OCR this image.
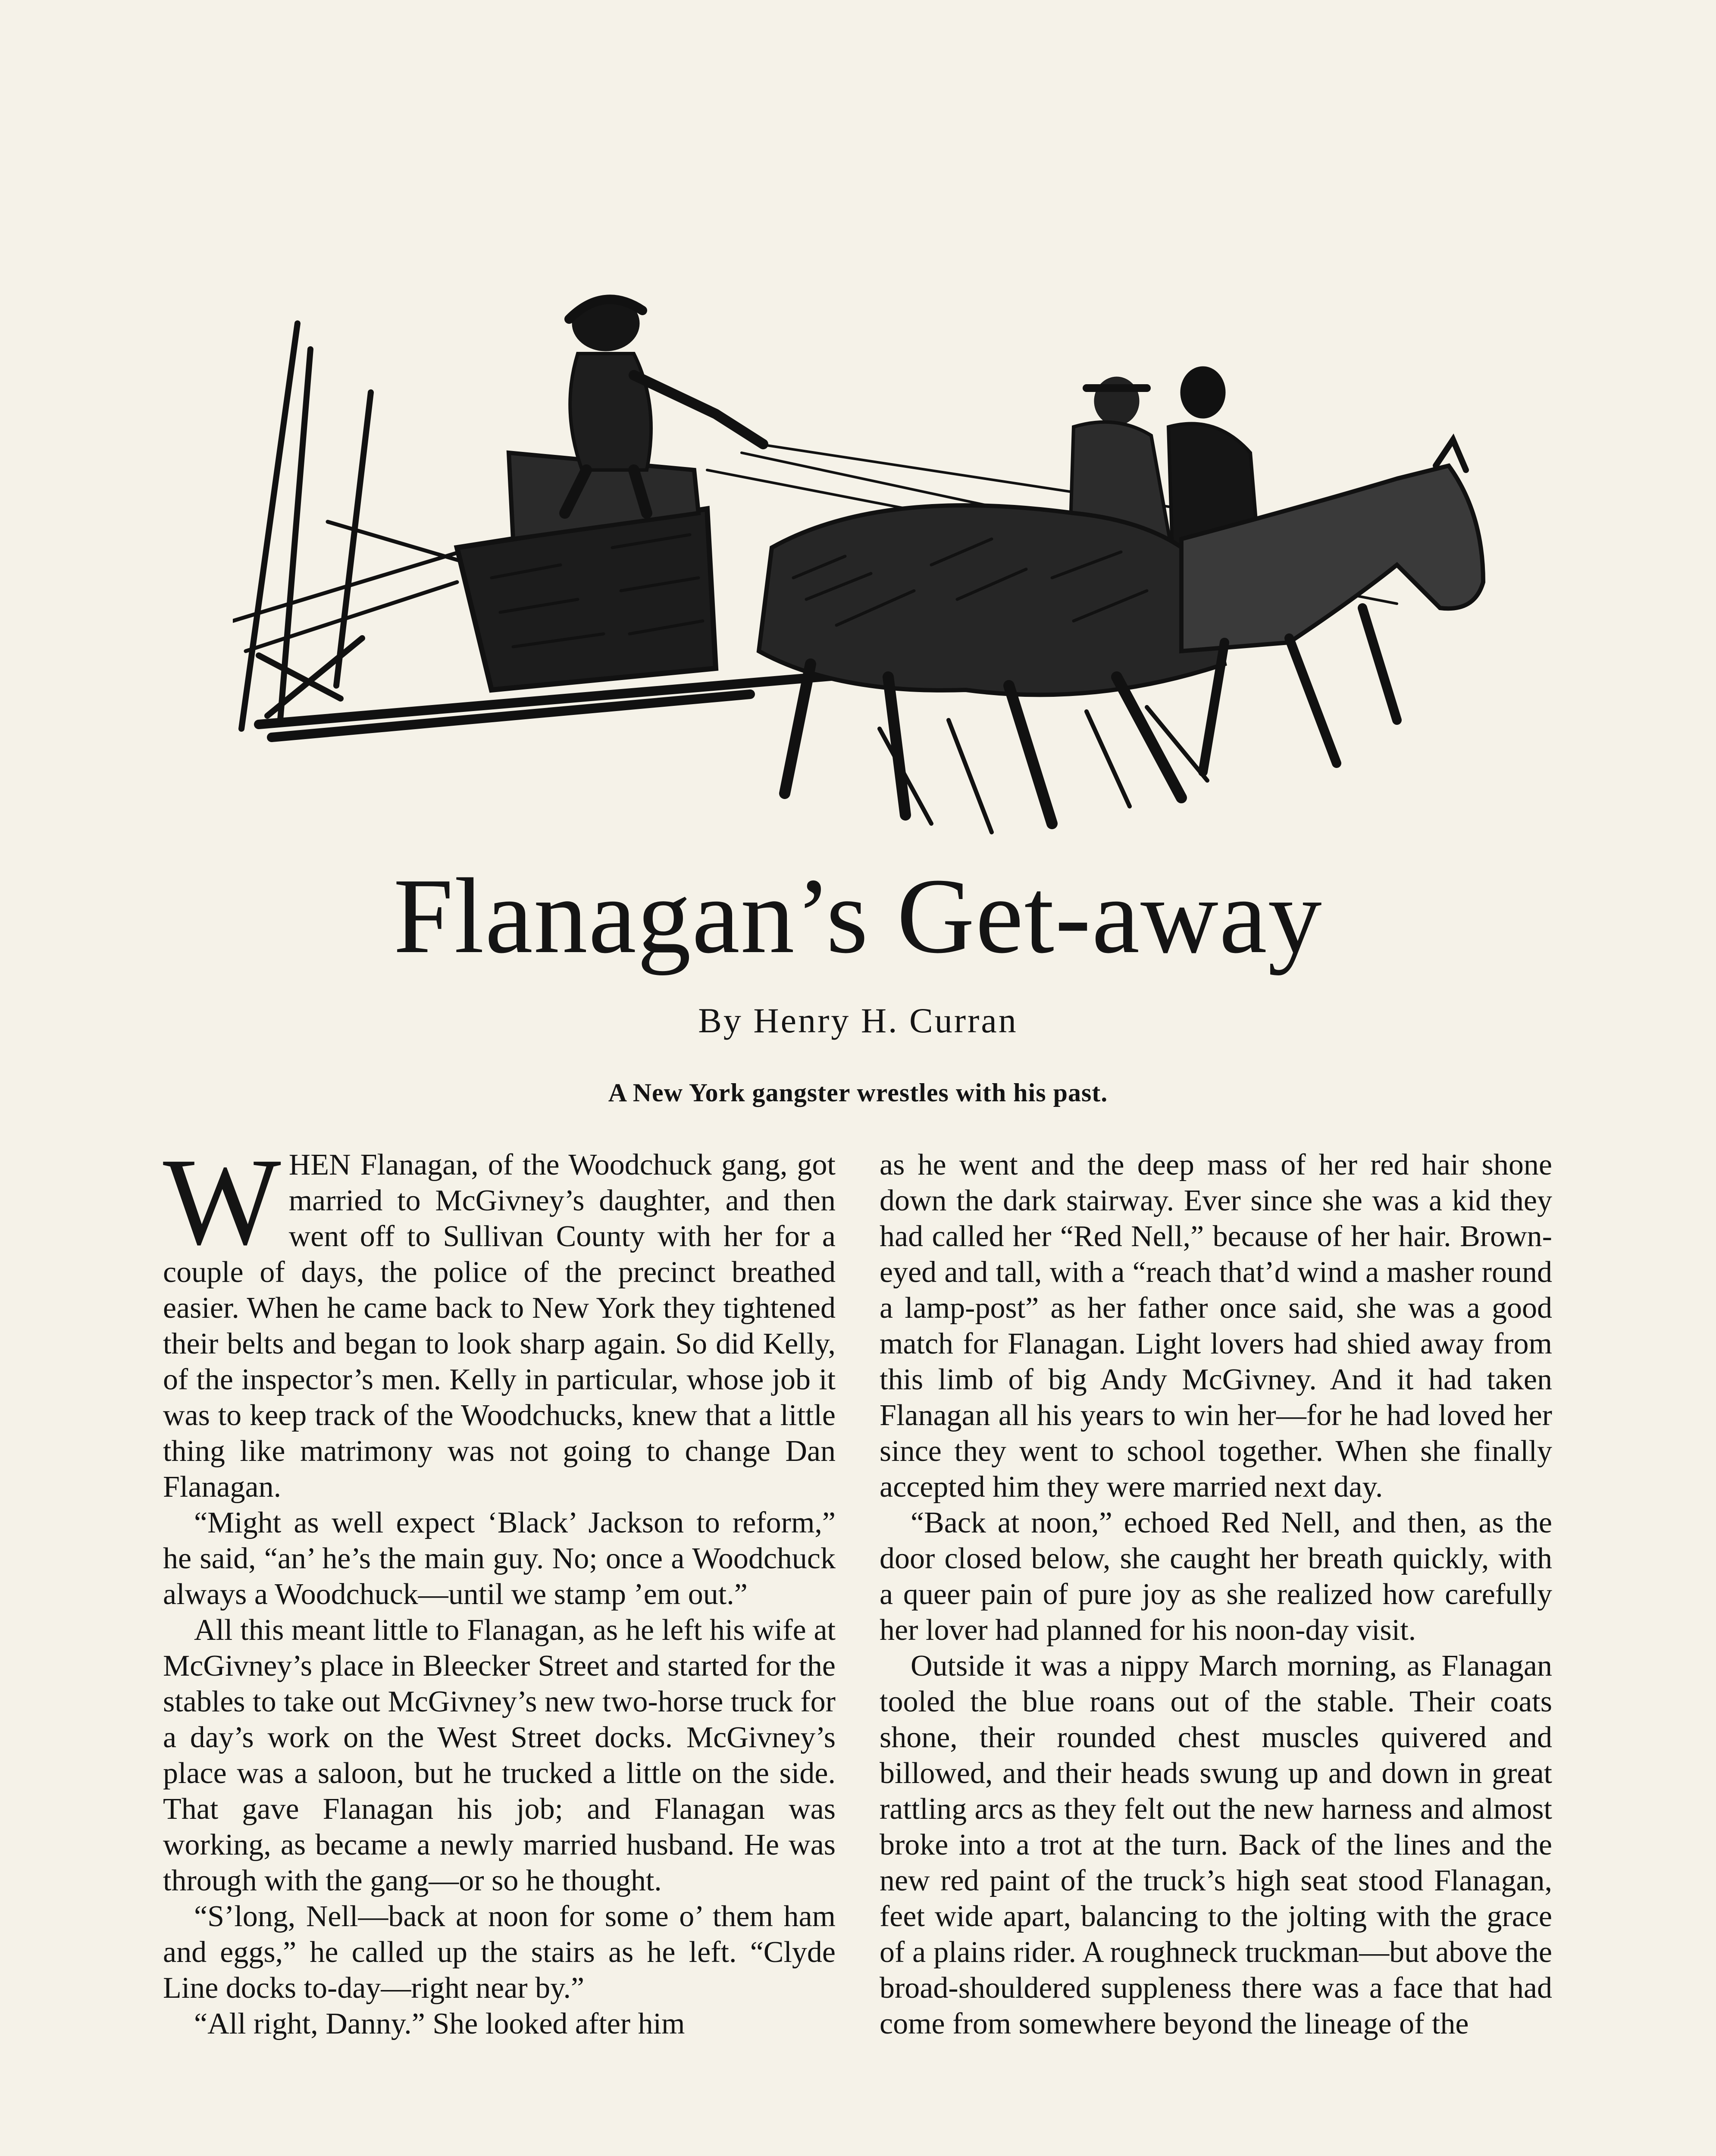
Flanagan’s Get-away
By Henry H. Curran
A New York gangster wrestles with his past.

WHEN Flanagan, of the Woodchuck gang, got married to McGivney’s daughter, and then went off to Sullivan County with her for a couple of days, the police of the precinct breathed easier. When he came back to New York they tightened their belts and began to look sharp again. So did Kelly, of the inspector’s men. Kelly in particular, whose job it was to keep track of the Woodchucks, knew that a little thing like matrimony was not going to change Dan Flanagan.

“Might as well expect ‘Black’ Jackson to reform,” he said, “an’ he’s the main guy. No; once a Woodchuck always a Woodchuck—until we stamp ’em out.”

All this meant little to Flanagan, as he left his wife at McGivney’s place in Bleecker Street and started for the stables to take out McGivney’s new two-horse truck for a day’s work on the West Street docks. McGivney’s place was a saloon, but he trucked a little on the side. That gave Flanagan his job; and Flanagan was working, as became a newly married husband. He was through with the gang—or so he thought.

“S’long, Nell—back at noon for some o’ them ham and eggs,” he called up the stairs as he left. “Clyde Line docks to-day—right near by.”

“All right, Danny.” She looked after him

as he went and the deep mass of her red hair shone down the dark stairway. Ever since she was a kid they had called her “Red Nell,” because of her hair. Brown-eyed and tall, with a “reach that’d wind a masher round a lamp-post” as her father once said, she was a good match for Flanagan. Light lovers had shied away from this limb of big Andy McGivney. And it had taken Flanagan all his years to win her—for he had loved her since they went to school together. When she finally accepted him they were married next day.

“Back at noon,” echoed Red Nell, and then, as the door closed below, she caught her breath quickly, with a queer pain of pure joy as she realized how carefully her lover had planned for his noon-day visit.

Outside it was a nippy March morning, as Flanagan tooled the blue roans out of the stable. Their coats shone, their rounded chest muscles quivered and billowed, and their heads swung up and down in great rattling arcs as they felt out the new harness and almost broke into a trot at the turn. Back of the lines and the new red paint of the truck’s high seat stood Flanagan, feet wide apart, balancing to the jolting with the grace of a plains rider. A roughneck truckman—but above the broad-shouldered suppleness there was a face that had come from somewhere beyond the lineage of the
